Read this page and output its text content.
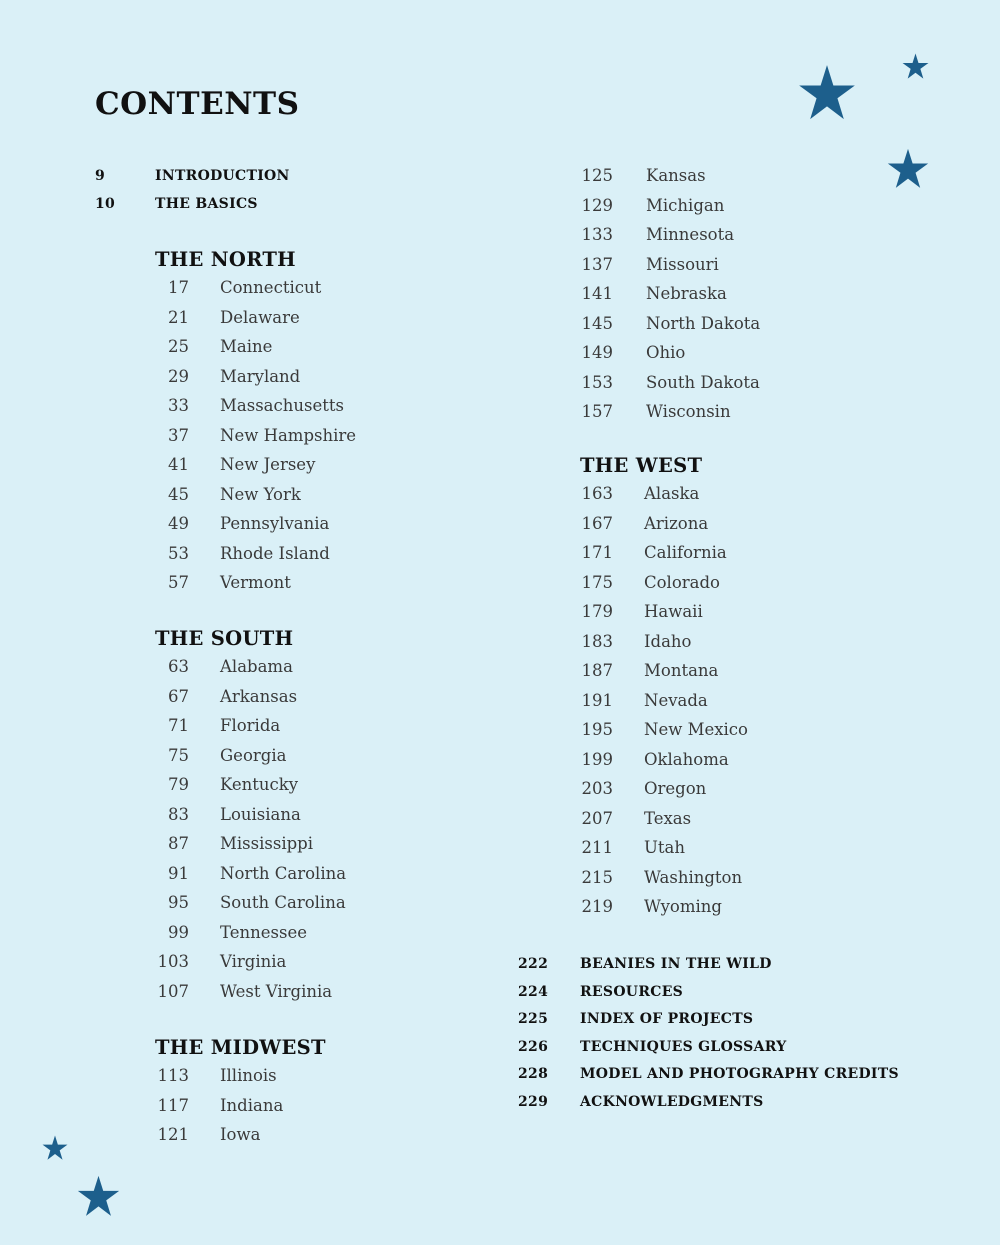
CONTENTS
9	INTRODUCTION
10	THE BASICS
THE NORTH
17 Connecticut
21 Delaware
25 Maine
29 Maryland
33 Massachusetts
37 New Hampshire
41 New Jersey
45 New York
49 Pennsylvania
53 Rhode Island
57 Vermont
THE SOUTH
63 Alabama
67 Arkansas
71 Florida
75 Georgia
79 Kentucky
83 Louisiana
87 Mississippi
91 North Carolina
95 South Carolina
99 Tennessee
103 Virginia
107 West Virginia
THE MIDWEST
113 Illinois
117 Indiana
121 Iowa
125 Kansas
129 Michigan
133 Minnesota
137 Missouri
141 Nebraska
145 North Dakota
149 Ohio
153 South Dakota
157 Wisconsin
THE WEST
163 Alaska
167 Arizona
171 California
175 Colorado
179 Hawaii
183 Idaho
187 Montana
191 Nevada
195 New Mexico
199 Oklahoma
203 Oregon
207 Texas
211 Utah
215 Washington
219 Wyoming
222	BEANIES IN THE WILD
224	RESOURCES
225	INDEX OF PROJECTS
226	TECHNIQUES GLOSSARY
228	MODEL AND PHOTOGRAPHY CREDITS
229	ACKNOWLEDGMENTS
